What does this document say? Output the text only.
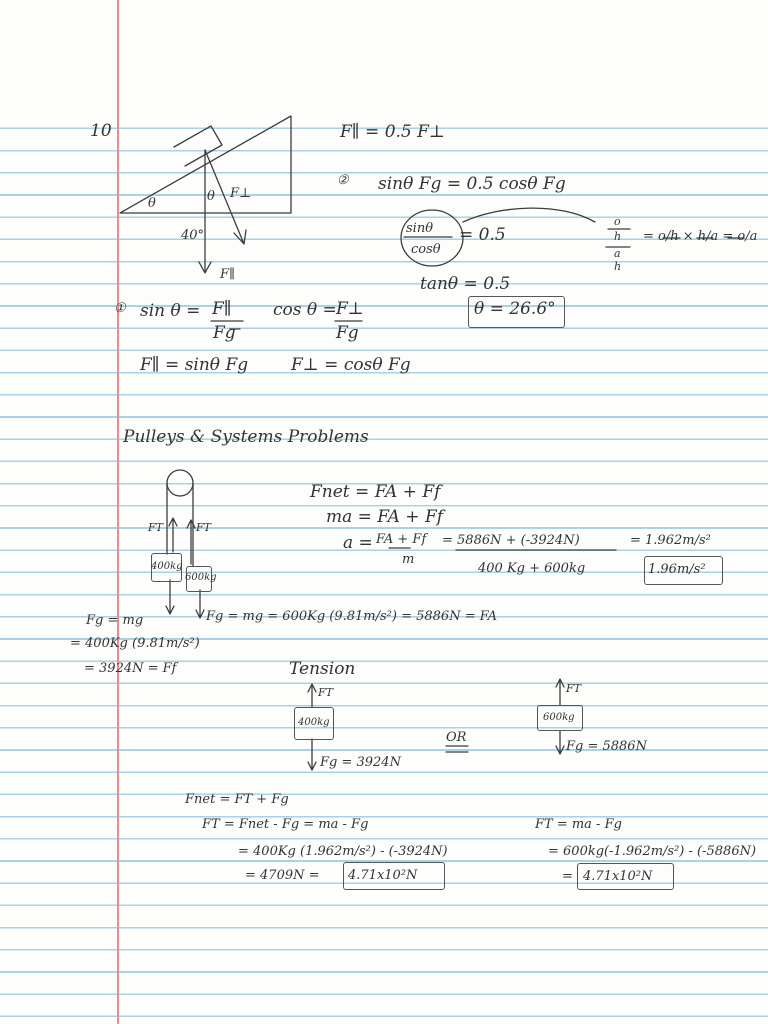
10
θ	θ F⊥
40°
F∥
F∥ = 0.5 F⊥
② sinθ Fg = 0.5 cosθ Fg
sinθ
cosθ
= 0.5
o
h
a
h
= o/h × h/a = o/a
tanθ = 0.5
θ = 26.6°
① sin θ = F∥
Fg
cos θ = F⊥
Fg
F∥ = sinθ Fg	F⊥ = cosθ Fg
Pulleys & Systems Problems
FT	FT
400kg
600kg
Fnet = FA + Ff
ma = FA + Ff
a = FA + Ff
m
= 5886N + (-3924N)
400 Kg + 600kg
= 1.962m/s²
1.96m/s²
Fg = mg = 600Kg (9.81m/s²) = 5886N = FA
Fg = mg
= 400Kg (9.81m/s²)
= 3924N = Ff	Tension
FT
400kg
Fg = 3924N
OR
FT
600kg
Fg = 5886N
Fnet = FT + Fg
FT = Fnet - Fg = ma - Fg
= 400Kg (1.962m/s²) - (-3924N)
= 4709N = 4.71x10²N
FT = ma - Fg
= 600kg(-1.962m/s²) - (-5886N)
= 4.71x10²N
